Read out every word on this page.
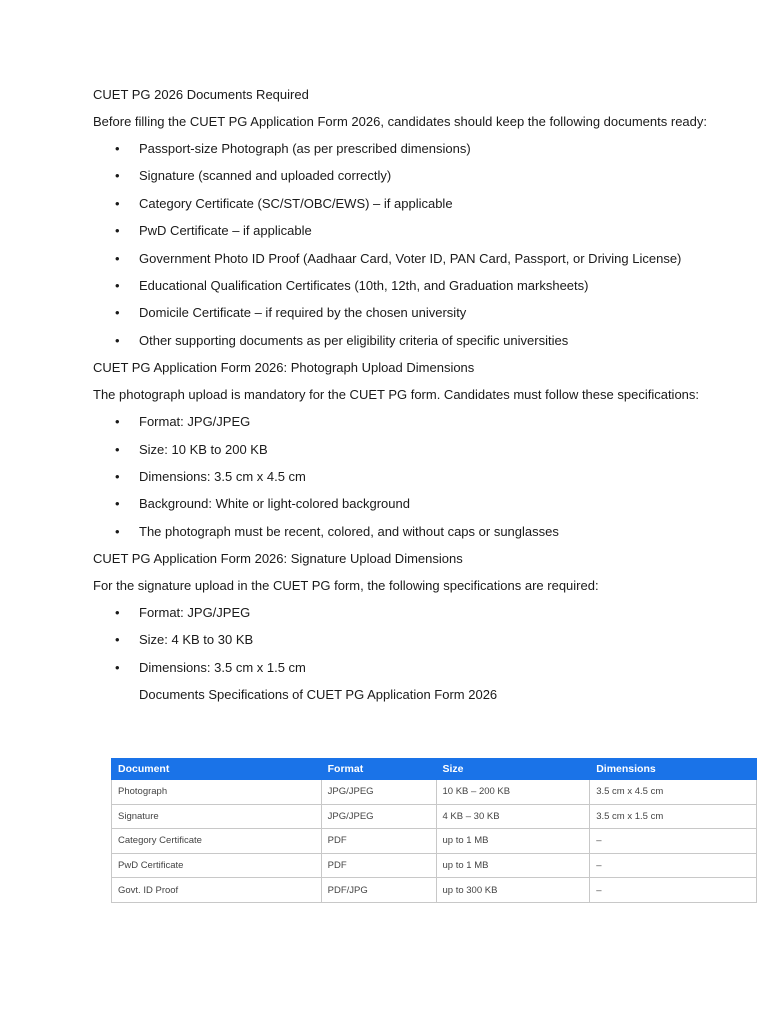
CUET PG 2026 Documents Required

Before filling the CUET PG Application Form 2026, candidates should keep the following documents ready:

• Passport-size Photograph (as per prescribed dimensions)
• Signature (scanned and uploaded correctly)
• Category Certificate (SC/ST/OBC/EWS) – if applicable
• PwD Certificate – if applicable
• Government Photo ID Proof (Aadhaar Card, Voter ID, PAN Card, Passport, or Driving License)
• Educational Qualification Certificates (10th, 12th, and Graduation marksheets)
• Domicile Certificate – if required by the chosen university
• Other supporting documents as per eligibility criteria of specific universities

CUET PG Application Form 2026: Photograph Upload Dimensions

The photograph upload is mandatory for the CUET PG form. Candidates must follow these specifications:

• Format: JPG/JPEG
• Size: 10 KB to 200 KB
• Dimensions: 3.5 cm x 4.5 cm
• Background: White or light-colored background
• The photograph must be recent, colored, and without caps or sunglasses

CUET PG Application Form 2026: Signature Upload Dimensions

For the signature upload in the CUET PG form, the following specifications are required:

• Format: JPG/JPEG
• Size: 4 KB to 30 KB
• Dimensions: 3.5 cm x 1.5 cm

Documents Specifications of CUET PG Application Form 2026

Document	Format	Size	Dimensions
Photograph	JPG/JPEG	10 KB – 200 KB	3.5 cm x 4.5 cm
Signature	JPG/JPEG	4 KB – 30 KB	3.5 cm x 1.5 cm
Category Certificate	PDF	up to 1 MB	–
PwD Certificate	PDF	up to 1 MB	–
Govt. ID Proof	PDF/JPG	up to 300 KB	–
